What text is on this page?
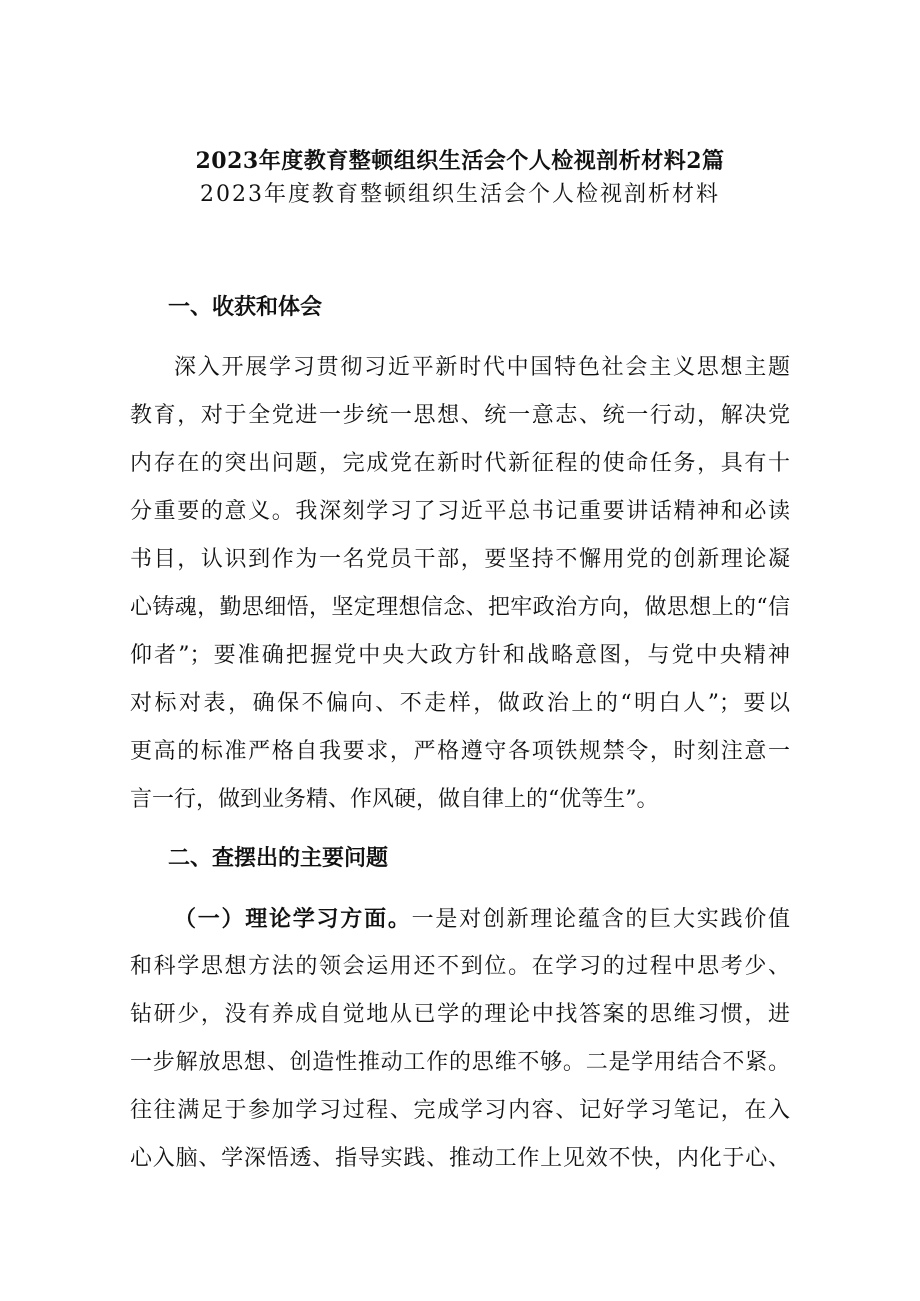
2023年度教育整顿组织生活会个人检视剖析材料2篇
2023年度教育整顿组织生活会个人检视剖析材料
一、收获和体会
深入开展学习贯彻习近平新时代中国特色社会主义思想主题
教育，对于全党进一步统一思想、统一意志、统一行动，解决党
内存在的突出问题，完成党在新时代新征程的使命任务，具有十
分重要的意义。我深刻学习了习近平总书记重要讲话精神和必读
书目，认识到作为一名党员干部，要坚持不懈用党的创新理论凝
心铸魂，勤思细悟，坚定理想信念、把牢政治方向，做思想上的“信
仰者”；要准确把握党中央大政方针和战略意图，与党中央精神
对标对表，确保不偏向、不走样，做政治上的“明白人”；要以
更高的标准严格自我要求，严格遵守各项铁规禁令，时刻注意一
言一行，做到业务精、作风硬，做自律上的“优等生”。
二、查摆出的主要问题
（一）理论学习方面。一是对创新理论蕴含的巨大实践价值
和科学思想方法的领会运用还不到位。在学习的过程中思考少、
钻研少，没有养成自觉地从已学的理论中找答案的思维习惯，进
一步解放思想、创造性推动工作的思维不够。二是学用结合不紧。
往往满足于参加学习过程、完成学习内容、记好学习笔记，在入
心入脑、学深悟透、指导实践、推动工作上见效不快，内化于心、
